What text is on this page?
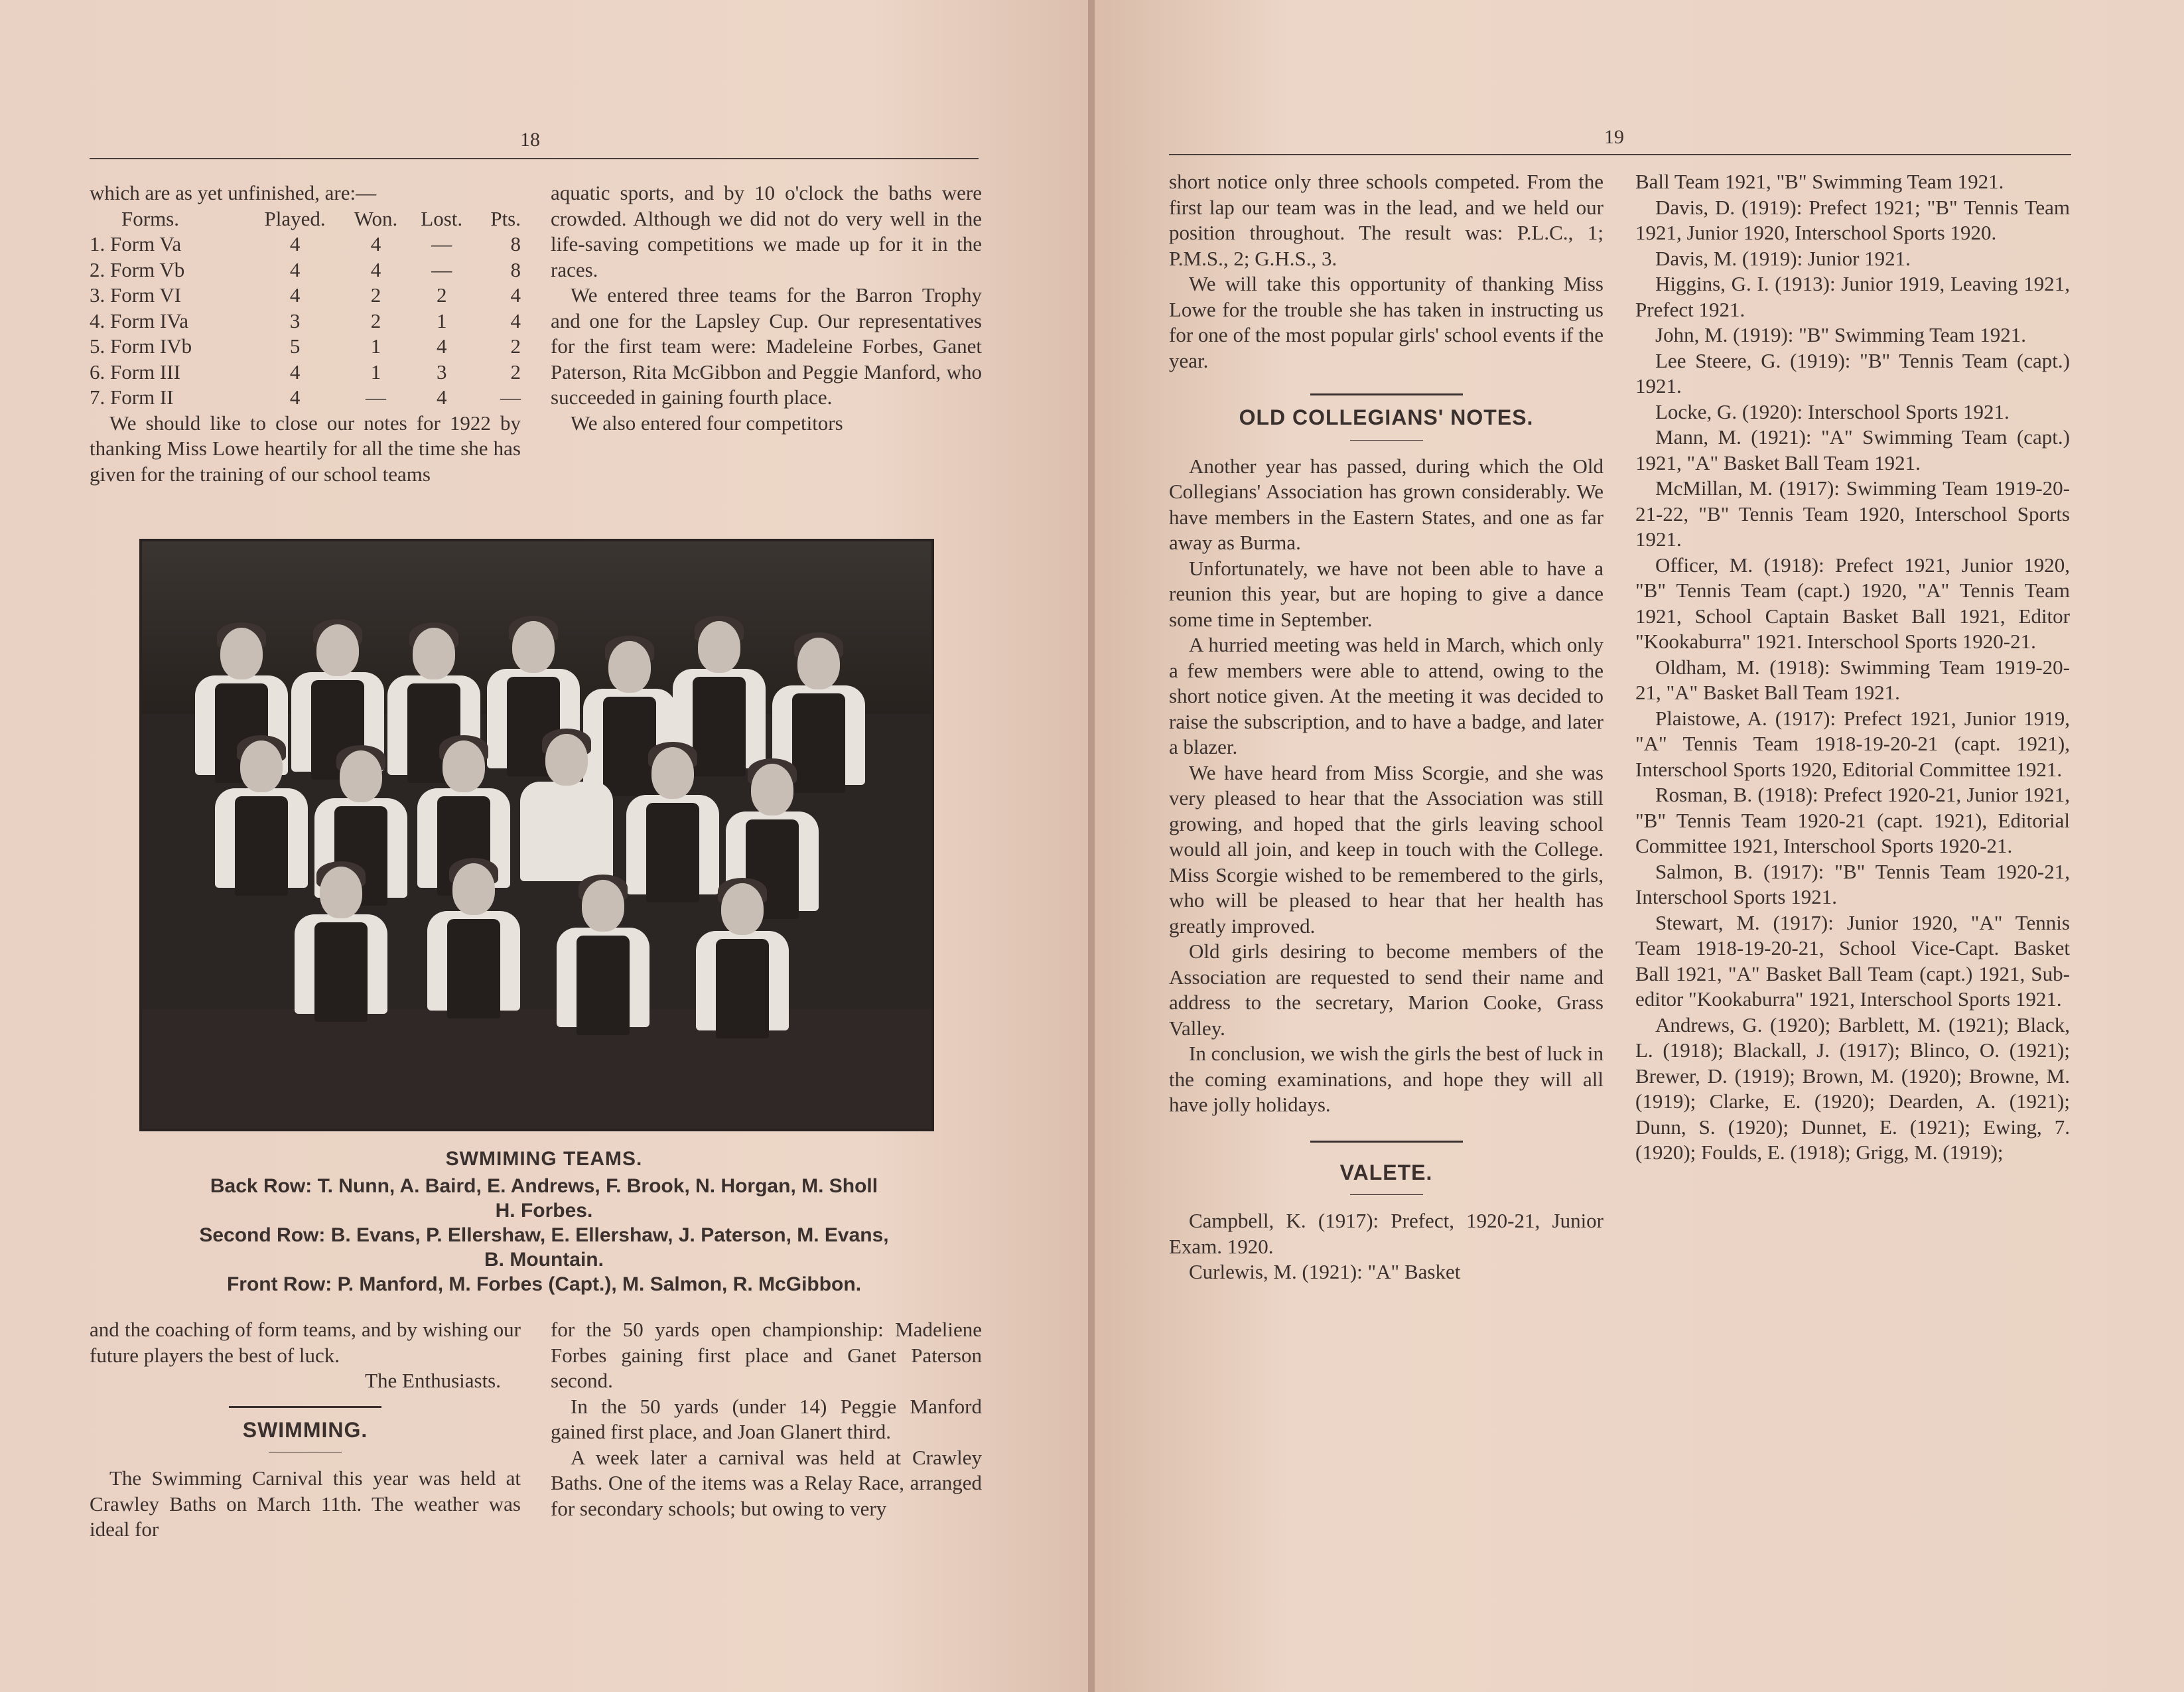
18

which are as yet unfinished, are:—

Forms.	Played.	Won.	Lost.	Pts.
1. Form Va	4	4	—	8
2. Form Vb	4	4	—	8
3. Form VI	4	2	2	4
4. Form IVa	3	2	1	4
5. Form IVb	5	1	4	2
6. Form III	4	1	3	2
7. Form II	4	—	4	—

We should like to close our notes for 1922 by thanking Miss Lowe heartily for all the time she has given for the training of our school teams

aquatic sports, and by 10 o'clock the baths were crowded. Although we did not do very well in the life-saving competitions we made up for it in the races.

We entered three teams for the Barron Trophy and one for the Lapsley Cup. Our representatives for the first team were: Madeleine Forbes, Ganet Paterson, Rita McGibbon and Peggie Manford, who succeeded in gaining fourth place.

We also entered four competitors

SWMIMING TEAMS.
Back Row: T. Nunn, A. Baird, E. Andrews, F. Brook, N. Horgan, M. Sholl
H. Forbes.
Second Row: B. Evans, P. Ellershaw, E. Ellershaw, J. Paterson, M. Evans,
B. Mountain.
Front Row: P. Manford, M. Forbes (Capt.), M. Salmon, R. McGibbon.

and the coaching of form teams, and by wishing our future players the best of luck.

The Enthusiasts.

SWIMMING.

The Swimming Carnival this year was held at Crawley Baths on March 11th. The weather was ideal for

for the 50 yards open championship: Madeliene Forbes gaining first place and Ganet Paterson second.

In the 50 yards (under 14) Peggie Manford gained first place, and Joan Glanert third.

A week later a carnival was held at Crawley Baths. One of the items was a Relay Race, arranged for secondary schools; but owing to very

19

short notice only three schools competed. From the first lap our team was in the lead, and we held our position throughout. The result was: P.L.C., 1; P.M.S., 2; G.H.S., 3.

We will take this opportunity of thanking Miss Lowe for the trouble she has taken in instructing us for one of the most popular girls' school events if the year.

OLD COLLEGIANS' NOTES.

Another year has passed, during which the Old Collegians' Association has grown considerably. We have members in the Eastern States, and one as far away as Burma.

Unfortunately, we have not been able to have a reunion this year, but are hoping to give a dance some time in September.

A hurried meeting was held in March, which only a few members were able to attend, owing to the short notice given. At the meeting it was decided to raise the subscription, and to have a badge, and later a blazer.

We have heard from Miss Scorgie, and she was very pleased to hear that the Association was still growing, and hoped that the girls leaving school would all join, and keep in touch with the College. Miss Scorgie wished to be remembered to the girls, who will be pleased to hear that her health has greatly improved.

Old girls desiring to become members of the Association are requested to send their name and address to the secretary, Marion Cooke, Grass Valley.

In conclusion, we wish the girls the best of luck in the coming examinations, and hope they will all have jolly holidays.

VALETE.

Campbell, K. (1917): Prefect, 1920-21, Junior Exam. 1920.

Curlewis, M. (1921): "A" Basket

Ball Team 1921, "B" Swimming Team 1921.

Davis, D. (1919): Prefect 1921; "B" Tennis Team 1921, Junior 1920, Interschool Sports 1920.

Davis, M. (1919): Junior 1921.

Higgins, G. I. (1913): Junior 1919, Leaving 1921, Prefect 1921.

John, M. (1919): "B" Swimming Team 1921.

Lee Steere, G. (1919): "B" Tennis Team (capt.) 1921.

Locke, G. (1920): Interschool Sports 1921.

Mann, M. (1921): "A" Swimming Team (capt.) 1921, "A" Basket Ball Team 1921.

McMillan, M. (1917): Swimming Team 1919-20-21-22, "B" Tennis Team 1920, Interschool Sports 1921.

Officer, M. (1918): Prefect 1921, Junior 1920, "B" Tennis Team (capt.) 1920, "A" Tennis Team 1921, School Captain Basket Ball 1921, Editor "Kookaburra" 1921. Interschool Sports 1920-21.

Oldham, M. (1918): Swimming Team 1919-20-21, "A" Basket Ball Team 1921.

Plaistowe, A. (1917): Prefect 1921, Junior 1919, "A" Tennis Team 1918-19-20-21 (capt. 1921), Interschool Sports 1920, Editorial Committee 1921.

Rosman, B. (1918): Prefect 1920-21, Junior 1921, "B" Tennis Team 1920-21 (capt. 1921), Editorial Committee 1921, Interschool Sports 1920-21.

Salmon, B. (1917): "B" Tennis Team 1920-21, Interschool Sports 1921.

Stewart, M. (1917): Junior 1920, "A" Tennis Team 1918-19-20-21, School Vice-Capt. Basket Ball 1921, "A" Basket Ball Team (capt.) 1921, Sub-editor "Kookaburra" 1921, Interschool Sports 1921.

Andrews, G. (1920); Barblett, M. (1921); Black, L. (1918); Blackall, J. (1917); Blinco, O. (1921); Brewer, D. (1919); Brown, M. (1920); Browne, M. (1919); Clarke, E. (1920); Dearden, A. (1921); Dunn, S. (1920); Dunnet, E. (1921); Ewing, 7. (1920); Foulds, E. (1918); Grigg, M. (1919);
